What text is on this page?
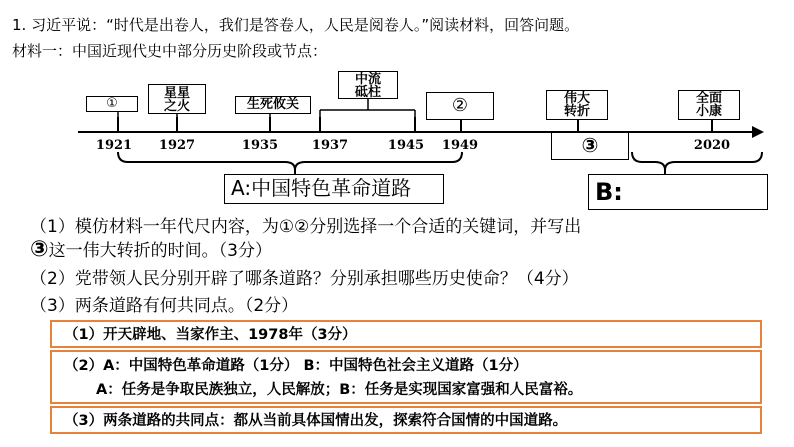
1. 习近平说：“时代是出卷人，我们是答卷人，人民是阅卷人。”阅读材料，回答问题。
材料一：中国近现代史中部分历史阶段或节点：
1921 1927	1935	1937	1945 1949	2020
①
星星之火	生死攸关
中流砥柱
②	伟大转折
全面小康
③
A:中国特色革命道路	B:
（1）模仿材料一年代尺内容，为①②分别选择一个合适的关键词，并写出
③这一伟大转折的时间。（3分）
（2）党带领人民分别开辟了哪条道路？分别承担哪些历史使命？（4分）
（3）两条道路有何共同点。（2分）
（1）开天辟地、当家作主、1978年（3分）
（2）A：中国特色革命道路（1分） B：中国特色社会主义道路（1分）
A：任务是争取民族独立，人民解放；B：任务是实现国家富强和人民富裕。
（3）两条道路的共同点：都从当前具体国情出发，探索符合国情的中国道路。
